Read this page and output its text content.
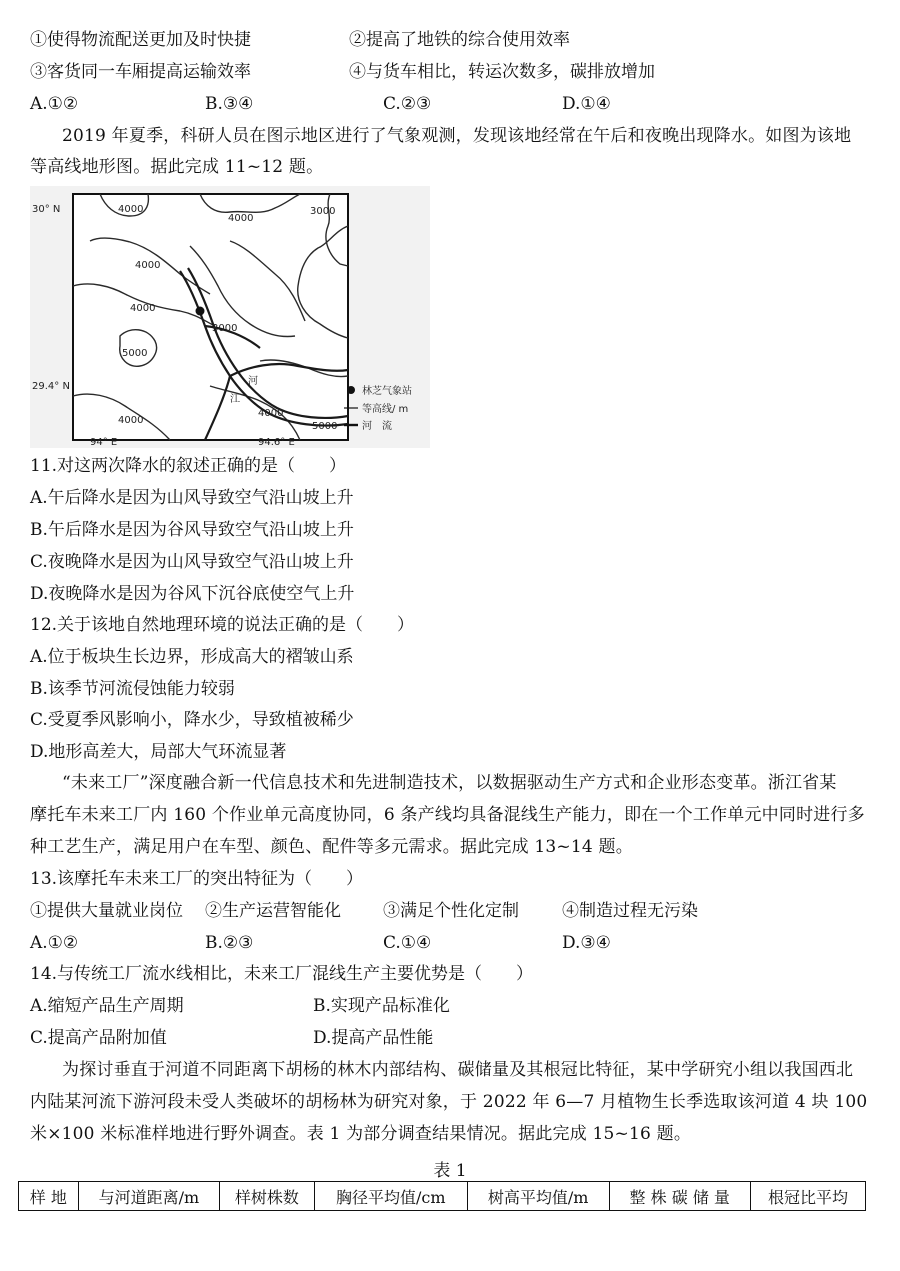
①使得物流配送更加及时快捷	②提高了地铁的综合使用效率
③客货同一车厢提高运输效率	④与货车相比，转运次数多，碳排放增加
A.①②	B.③④	C.②③	D.①④
2019 年夏季，科研人员在图示地区进行了气象观测，发现该地经常在午后和夜晚出现降水。如图为该地
等高线地形图。据此完成 11~12 题。
4000
4000
3000
4000
4000
3000
5000
4000
4000
5000
河
江
30° N
29.4° N
94° E	94.6° E
林芝气象站
等高线/ m
河　流
11.对这两次降水的叙述正确的是（　　）
A.午后降水是因为山风导致空气沿山坡上升
B.午后降水是因为谷风导致空气沿山坡上升
C.夜晚降水是因为山风导致空气沿山坡上升
D.夜晚降水是因为谷风下沉谷底使空气上升
12.关于该地自然地理环境的说法正确的是（　　）
A.位于板块生长边界，形成高大的褶皱山系
B.该季节河流侵蚀能力较弱
C.受夏季风影响小，降水少，导致植被稀少
D.地形高差大，局部大气环流显著
“未来工厂”深度融合新一代信息技术和先进制造技术，以数据驱动生产方式和企业形态变革。浙江省某
摩托车未来工厂内 160 个作业单元高度协同，6 条产线均具备混线生产能力，即在一个工作单元中同时进行多
种工艺生产，满足用户在车型、颜色、配件等多元需求。据此完成 13~14 题。
13.该摩托车未来工厂的突出特征为（　　）
①提供大量就业岗位 ②生产运营智能化 ③满足个性化定制	④制造过程无污染
A.①②	B.②③	C.①④	D.③④
14.与传统工厂流水线相比，未来工厂混线生产主要优势是（　　）
A.缩短产品生产周期	B.实现产品标准化
C.提高产品附加值	D.提高产品性能
为探讨垂直于河道不同距离下胡杨的林木内部结构、碳储量及其根冠比特征，某中学研究小组以我国西北
内陆某河流下游河段未受人类破坏的胡杨林为研究对象，于 2022 年 6—7 月植物生长季选取该河道 4 块 100
米×100 米标准样地进行野外调查。表 1 为部分调查结果情况。据此完成 15~16 题。
表 1
样 地	与河道距离/m	样树株数	胸径平均值/cm	树高平均值/m	整 株 碳 储 量	根冠比平均
